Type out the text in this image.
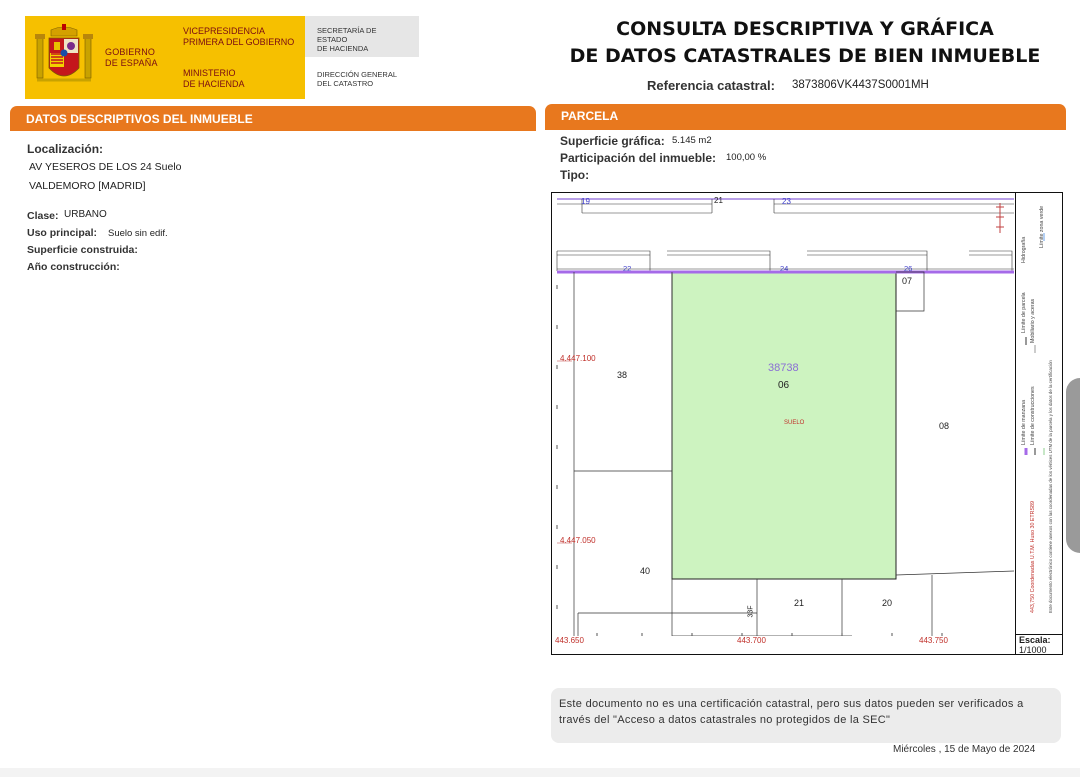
GOBIERNO
DE ESPAÑA
VICEPRESIDENCIA
PRIMERA DEL GOBIERNO
MINISTERIO
DE HACIENDA
SECRETARÍA DE ESTADO
DE HACIENDA
DIRECCIÓN GENERAL
DEL CATASTRO
CONSULTA DESCRIPTIVA Y GRÁFICA
DE DATOS CATASTRALES DE BIEN INMUEBLE
Referencia catastral: 3873806VK4437S0001MH
DATOS DESCRIPTIVOS DEL INMUEBLE
Localización:
AV YESEROS DE LOS 24 Suelo
VALDEMORO [MADRID]
Clase: URBANO
Uso principal: Suelo sin edif.
Superficie construida:
Año construcción:
PARCELA
Superficie gráfica: 5.145 m2
Participación del inmueble: 100,00 %
Tipo:
19	21	23
22	24	26
38738
06
SUELO
07
38
08
40
21	20
33F
4.447.100
4.447.050
443.650	443.700	443.750
Límite de manzana
Límite de parcela
Límite de construcciones
Mobiliario y aceras
Límite zona verde
Hidrografía
443,750 Coordenadas U.T.M. Huso 30 ETRS89	Este documento electrónico contiene anexos con las coordenadas de los vértices UTM de la parcela y los datos de la certificación
Escala:
1/1000
Este documento no es una certificación catastral, pero sus datos pueden ser verificados a
través del "Acceso a datos catastrales no protegidos de la SEC"
Miércoles , 15 de Mayo de 2024
